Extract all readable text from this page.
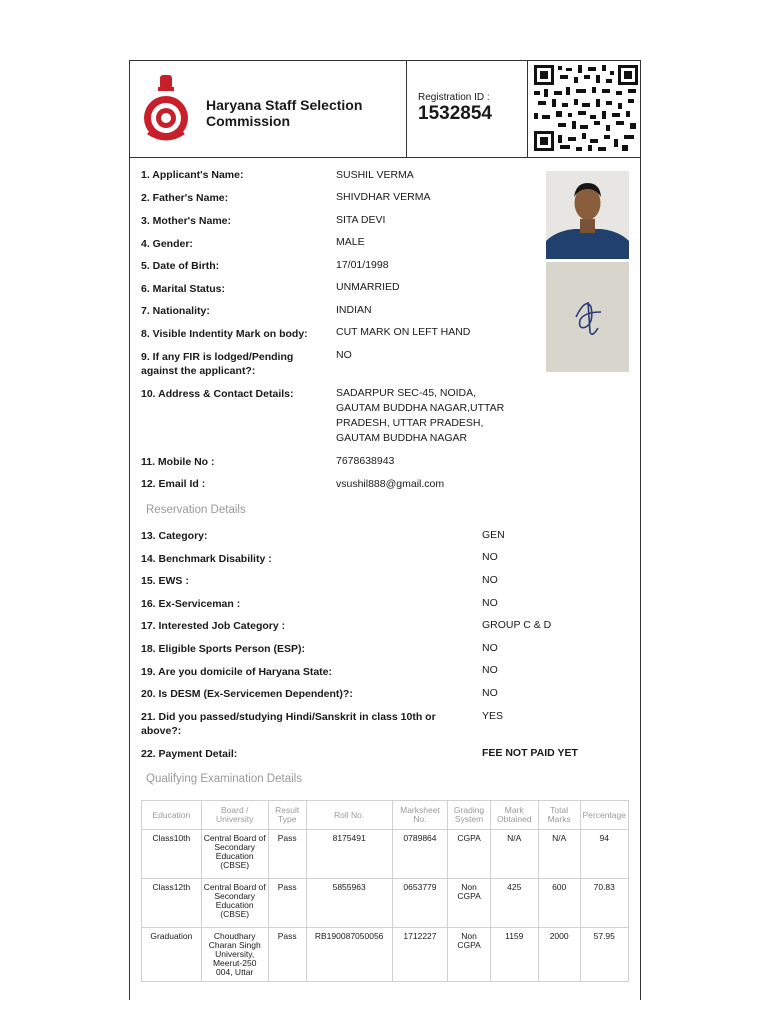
Haryana Staff Selection Commission
Registration ID :
1532854
1. Applicant's Name:	SUSHIL VERMA
2. Father's Name:	SHIVDHAR VERMA
3. Mother's Name:	SITA DEVI
4. Gender:	MALE
5. Date of Birth:	17/01/1998
6. Marital Status:	UNMARRIED
7. Nationality:	INDIAN
8. Visible Indentity Mark on body:	CUT MARK ON LEFT HAND
9. If any FIR is lodged/Pending against the applicant?:
NO
10. Address & Contact Details:	SADARPUR SEC-45, NOIDA, GAUTAM BUDDHA NAGAR,UTTAR PRADESH, UTTAR PRADESH, GAUTAM BUDDHA NAGAR
11. Mobile No :	7678638943
12. Email Id :	vsushil888@gmail.com
Reservation Details
13. Category:	GEN
14. Benchmark Disability :	NO
15. EWS :	NO
16. Ex-Serviceman :	NO
17. Interested Job Category :	GROUP C & D
18. Eligible Sports Person (ESP):	NO
19. Are you domicile of Haryana State:	NO
20. Is DESM (Ex-Servicemen Dependent)?:	NO
21. Did you passed/studying Hindi/Sanskrit in class 10th or above?:
YES
22. Payment Detail:	FEE NOT PAID YET
Qualifying Examination Details
Education	Board / University	Result Type	Roll No.	Marksheet No.	Grading System	Mark Obtained	Total Marks	Percentage
Class10th	Central Board of Secondary Education (CBSE)	Pass	8175491	0789864	CGPA	N/A	N/A	94
Class12th	Central Board of Secondary Education (CBSE)	Pass	5855963	0653779	Non CGPA	425	600	70.83
Graduation	Choudhary Charan Singh University, Meerut-250 004, Uttar	Pass	RB190087050056	1712227	Non CGPA	1159	2000	57.95
